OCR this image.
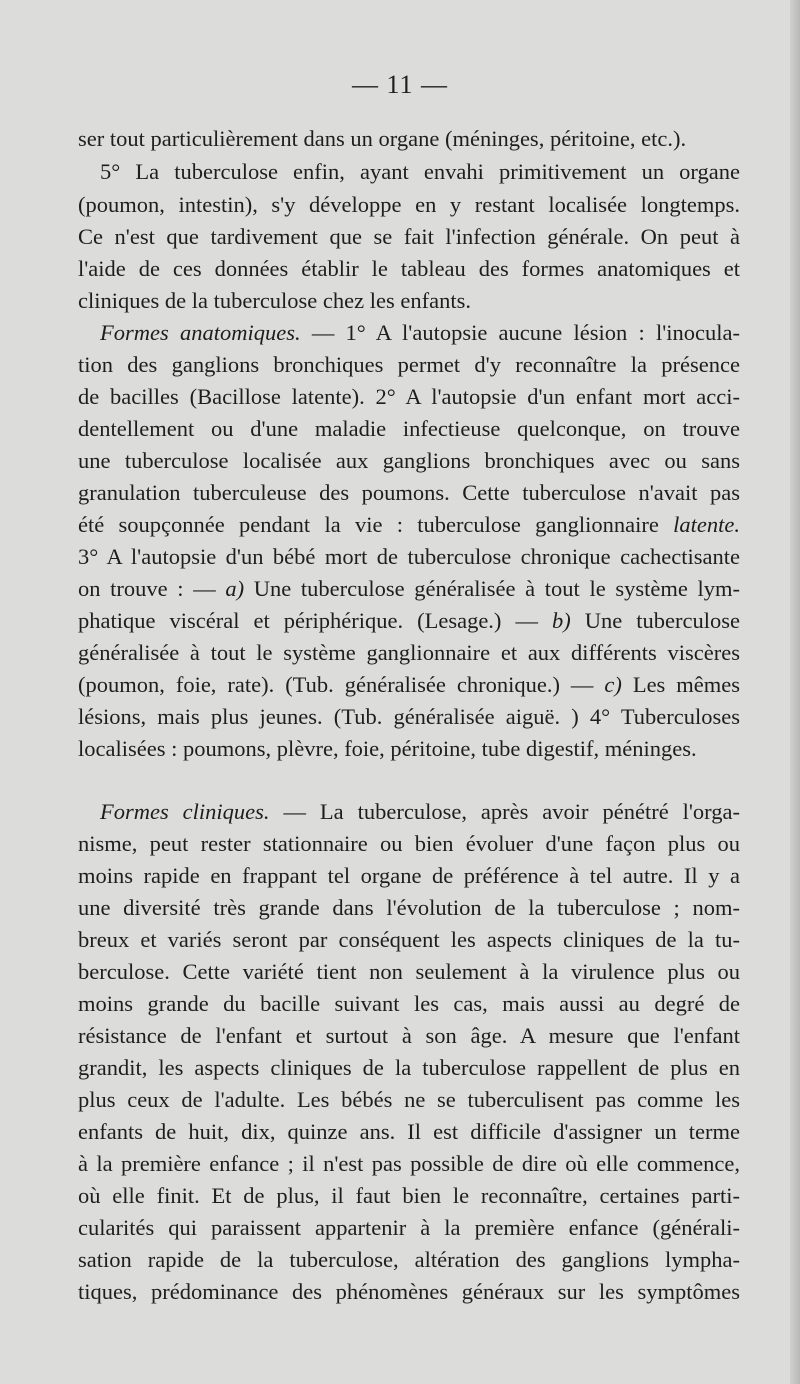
— 11 —
ser tout particulièrement dans un organe (méninges, péritoine, etc.).
5° La tuberculose enfin, ayant envahi primitivement un organe
(poumon, intestin), s'y développe en y restant localisée longtemps.
Ce n'est que tardivement que se fait l'infection générale. On peut à
l'aide de ces données établir le tableau des formes anatomiques et
cliniques de la tuberculose chez les enfants.
Formes anatomiques. — 1° A l'autopsie aucune lésion : l'inocula-
tion des ganglions bronchiques permet d'y reconnaître la présence
de bacilles (Bacillose latente). 2° A l'autopsie d'un enfant mort acci-
dentellement ou d'une maladie infectieuse quelconque, on trouve
une tuberculose localisée aux ganglions bronchiques avec ou sans
granulation tuberculeuse des poumons. Cette tuberculose n'avait pas
été soupçonnée pendant la vie : tuberculose ganglionnaire latente.
3° A l'autopsie d'un bébé mort de tuberculose chronique cachectisante
on trouve : — a) Une tuberculose généralisée à tout le système lym-
phatique viscéral et périphérique. (Lesage.) — b) Une tuberculose
généralisée à tout le système ganglionnaire et aux différents viscères
(poumon, foie, rate). (Tub. généralisée chronique.) — c) Les mêmes
lésions, mais plus jeunes. (Tub. généralisée aiguë. ) 4° Tuberculoses
localisées : poumons, plèvre, foie, péritoine, tube digestif, méninges.
Formes cliniques. — La tuberculose, après avoir pénétré l'orga-
nisme, peut rester stationnaire ou bien évoluer d'une façon plus ou
moins rapide en frappant tel organe de préférence à tel autre. Il y a
une diversité très grande dans l'évolution de la tuberculose ; nom-
breux et variés seront par conséquent les aspects cliniques de la tu-
berculose. Cette variété tient non seulement à la virulence plus ou
moins grande du bacille suivant les cas, mais aussi au degré de
résistance de l'enfant et surtout à son âge. A mesure que l'enfant
grandit, les aspects cliniques de la tuberculose rappellent de plus en
plus ceux de l'adulte. Les bébés ne se tuberculisent pas comme les
enfants de huit, dix, quinze ans. Il est difficile d'assigner un terme
à la première enfance ; il n'est pas possible de dire où elle commence,
où elle finit. Et de plus, il faut bien le reconnaître, certaines parti-
cularités qui paraissent appartenir à la première enfance (générali-
sation rapide de la tuberculose, altération des ganglions lympha-
tiques, prédominance des phénomènes généraux sur les symptômes
